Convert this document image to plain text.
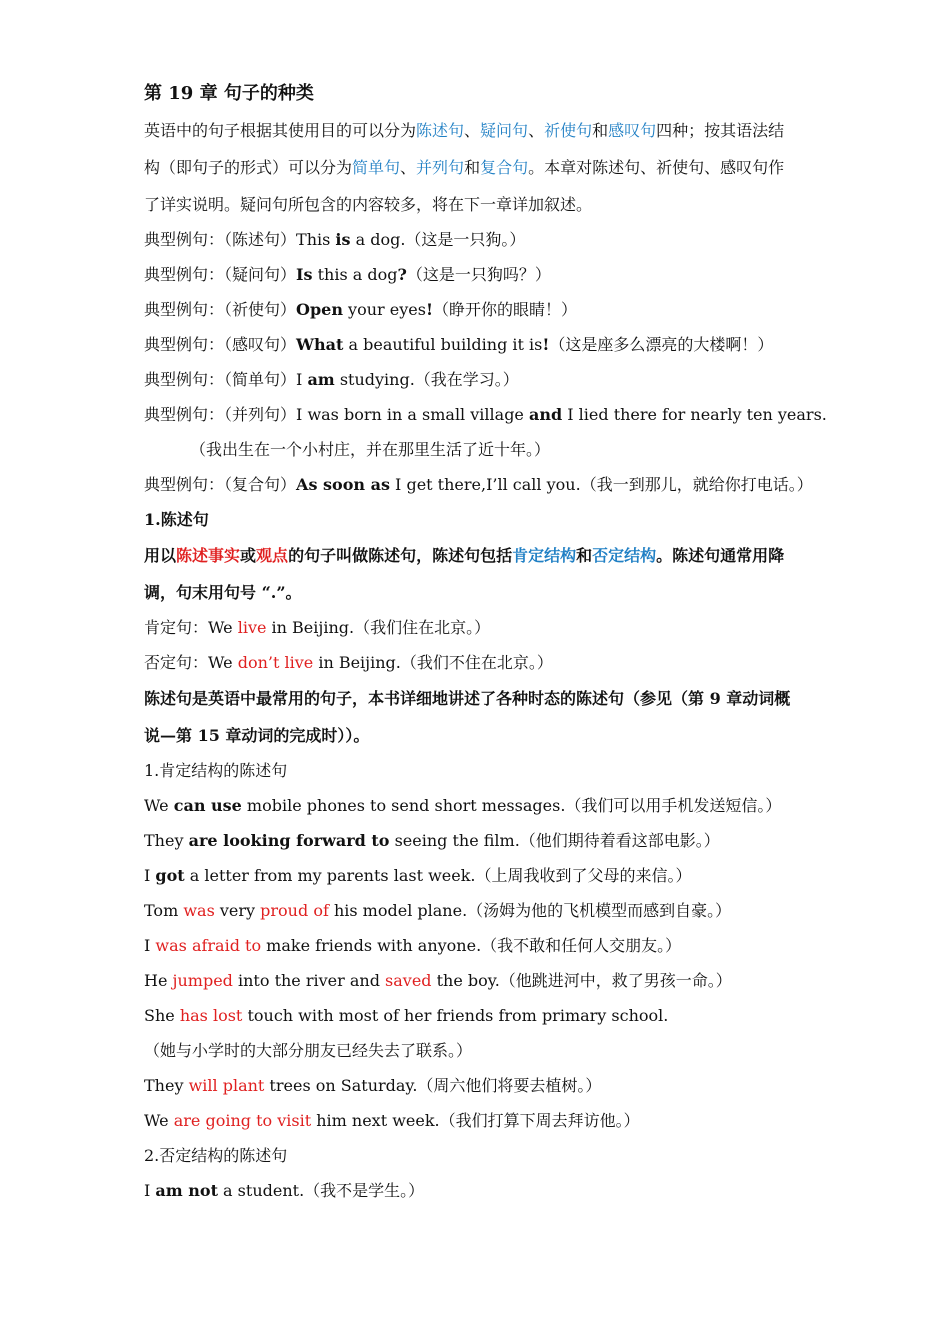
第 19 章 句子的种类
英语中的句子根据其使用目的可以分为陈述句、疑问句、祈使句和感叹句四种；按其语法结构（即句子的形式）可以分为简单句、并列句和复合句。本章对陈述句、祈使句、感叹句作了详实说明。疑问句所包含的内容较多，将在下一章详加叙述。
典型例句：（陈述句）This is a dog.（这是一只狗。）
典型例句：（疑问句）Is this a dog?（这是一只狗吗？）
典型例句：（祈使句）Open your eyes!（睁开你的眼睛！）
典型例句：（感叹句）What a beautiful building it is!（这是座多么漂亮的大楼啊！）
典型例句：（简单句）I am studying.（我在学习。）
典型例句：（并列句）I was born in a small village and I lied there for nearly ten years.
（我出生在一个小村庄，并在那里生活了近十年。）
典型例句：（复合句）As soon as I get there,I’ll call you.（我一到那儿，就给你打电话。）
1.陈述句
用以陈述事实或观点的句子叫做陈述句，陈述句包括肯定结构和否定结构。陈述句通常用降调，句末用句号 “.”。
肯定句：We live in Beijing.（我们住在北京。）
否定句：We don’t live in Beijing.（我们不住在北京。）
陈述句是英语中最常用的句子，本书详细地讲述了各种时态的陈述句（参见（第 9 章动词概说—第 15 章动词的完成时））。
1.肯定结构的陈述句
We can use mobile phones to send short messages.（我们可以用手机发送短信。）
They are looking forward to seeing the film.（他们期待着看这部电影。）
I got a letter from my parents last week.（上周我收到了父母的来信。）
Tom was very proud of his model plane.（汤姆为他的飞机模型而感到自豪。）
I was afraid to make friends with anyone.（我不敢和任何人交朋友。）
He jumped into the river and saved the boy.（他跳进河中，救了男孩一命。）
She has lost touch with most of her friends from primary school.
（她与小学时的大部分朋友已经失去了联系。）
They will plant trees on Saturday.（周六他们将要去植树。）
We are going to visit him next week.（我们打算下周去拜访他。）
2.否定结构的陈述句
I am not a student.（我不是学生。）
